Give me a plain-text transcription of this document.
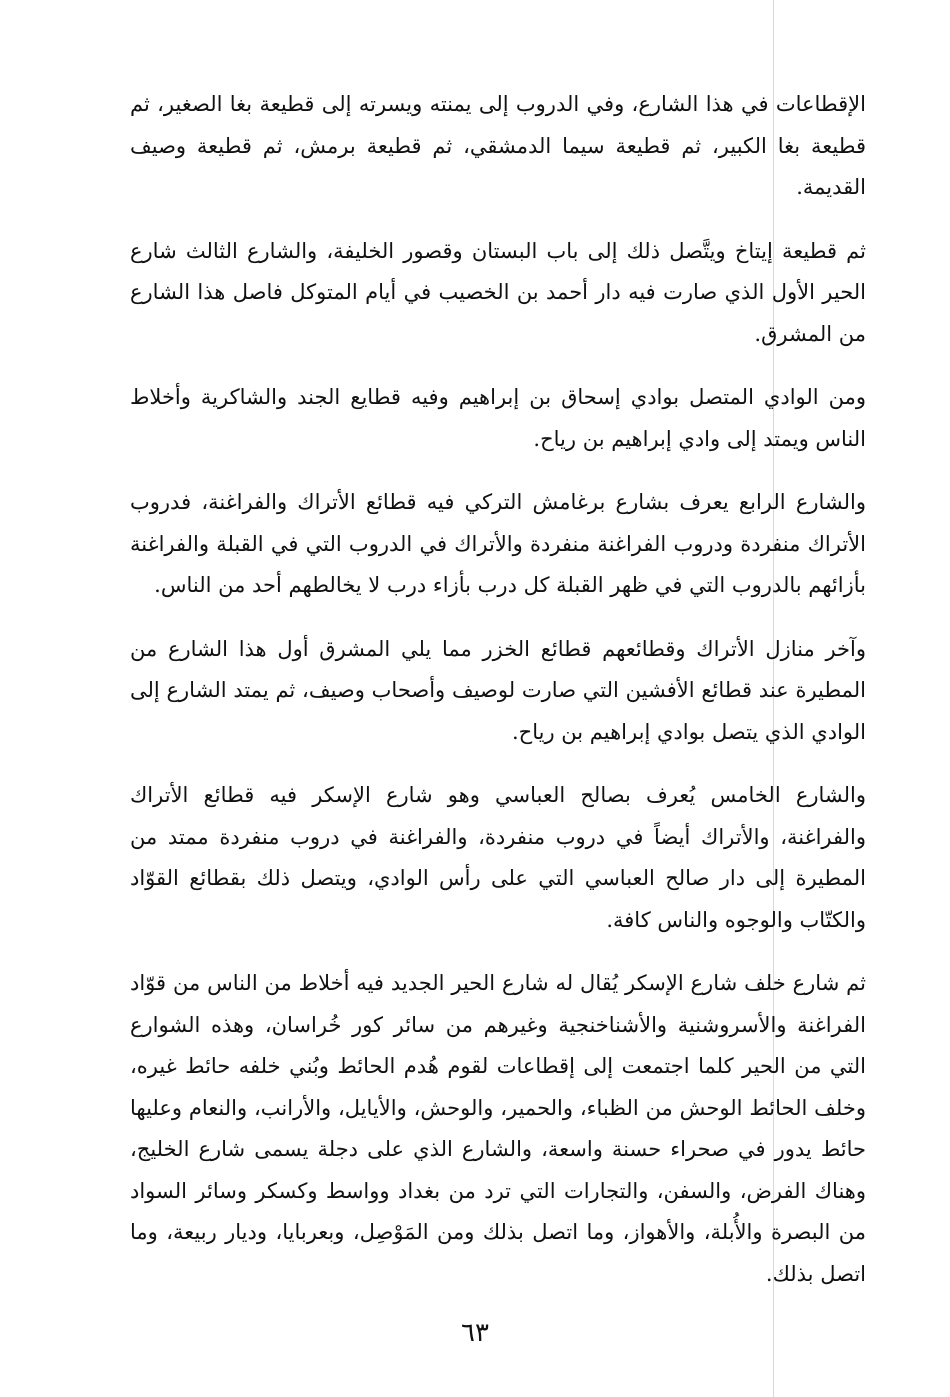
الإقطاعات في هذا الشارع، وفي الدروب إلى يمنته ويسرته إلى قطيعة بغا الصغير، ثم قطيعة بغا الكبير، ثم قطيعة سيما الدمشقي، ثم قطيعة برمش، ثم قطيعة وصيف القديمة.

ثم قطيعة إيتاخ ويتَّصل ذلك إلى باب البستان وقصور الخليفة، والشارع الثالث شارع الحير الأول الذي صارت فيه دار أحمد بن الخصيب في أيام المتوكل فاصل هذا الشارع من المشرق.

ومن الوادي المتصل بوادي إسحاق بن إبراهيم وفيه قطايع الجند والشاكرية وأخلاط الناس ويمتد إلى وادي إبراهيم بن رياح.

والشارع الرابع يعرف بشارع برغامش التركي فيه قطائع الأتراك والفراغنة، فدروب الأتراك منفردة ودروب الفراغنة منفردة والأتراك في الدروب التي في القبلة والفراغنة بأزائهم بالدروب التي في ظهر القبلة كل درب بأزاء درب لا يخالطهم أحد من الناس.

وآخر منازل الأتراك وقطائعهم قطائع الخزر مما يلي المشرق أول هذا الشارع من المطيرة عند قطائع الأفشين التي صارت لوصيف وأصحاب وصيف، ثم يمتد الشارع إلى الوادي الذي يتصل بوادي إبراهيم بن رياح.

والشارع الخامس يُعرف بصالح العباسي وهو شارع الإسكر فيه قطائع الأتراك والفراغنة، والأتراك أيضاً في دروب منفردة، والفراغنة في دروب منفردة ممتد من المطيرة إلى دار صالح العباسي التي على رأس الوادي، ويتصل ذلك بقطائع القوّاد والكتّاب والوجوه والناس كافة.

ثم شارع خلف شارع الإسكر يُقال له شارع الحير الجديد فيه أخلاط من الناس من قوّاد الفراغنة والأسروشنية والأشناخنجية وغيرهم من سائر كور خُراسان، وهذه الشوارع التي من الحير كلما اجتمعت إلى إقطاعات لقوم هُدم الحائط وبُني خلفه حائط غيره، وخلف الحائط الوحش من الظباء، والحمير، والوحش، والأيايل، والأرانب، والنعام وعليها حائط يدور في صحراء حسنة واسعة، والشارع الذي على دجلة يسمى شارع الخليج، وهناك الفرض، والسفن، والتجارات التي ترد من بغداد وواسط وكسكر وسائر السواد من البصرة والأُبلة، والأهواز، وما اتصل بذلك ومن المَوْصِل، وبعربايا، وديار ربيعة، وما اتصل بذلك.

٦٣
